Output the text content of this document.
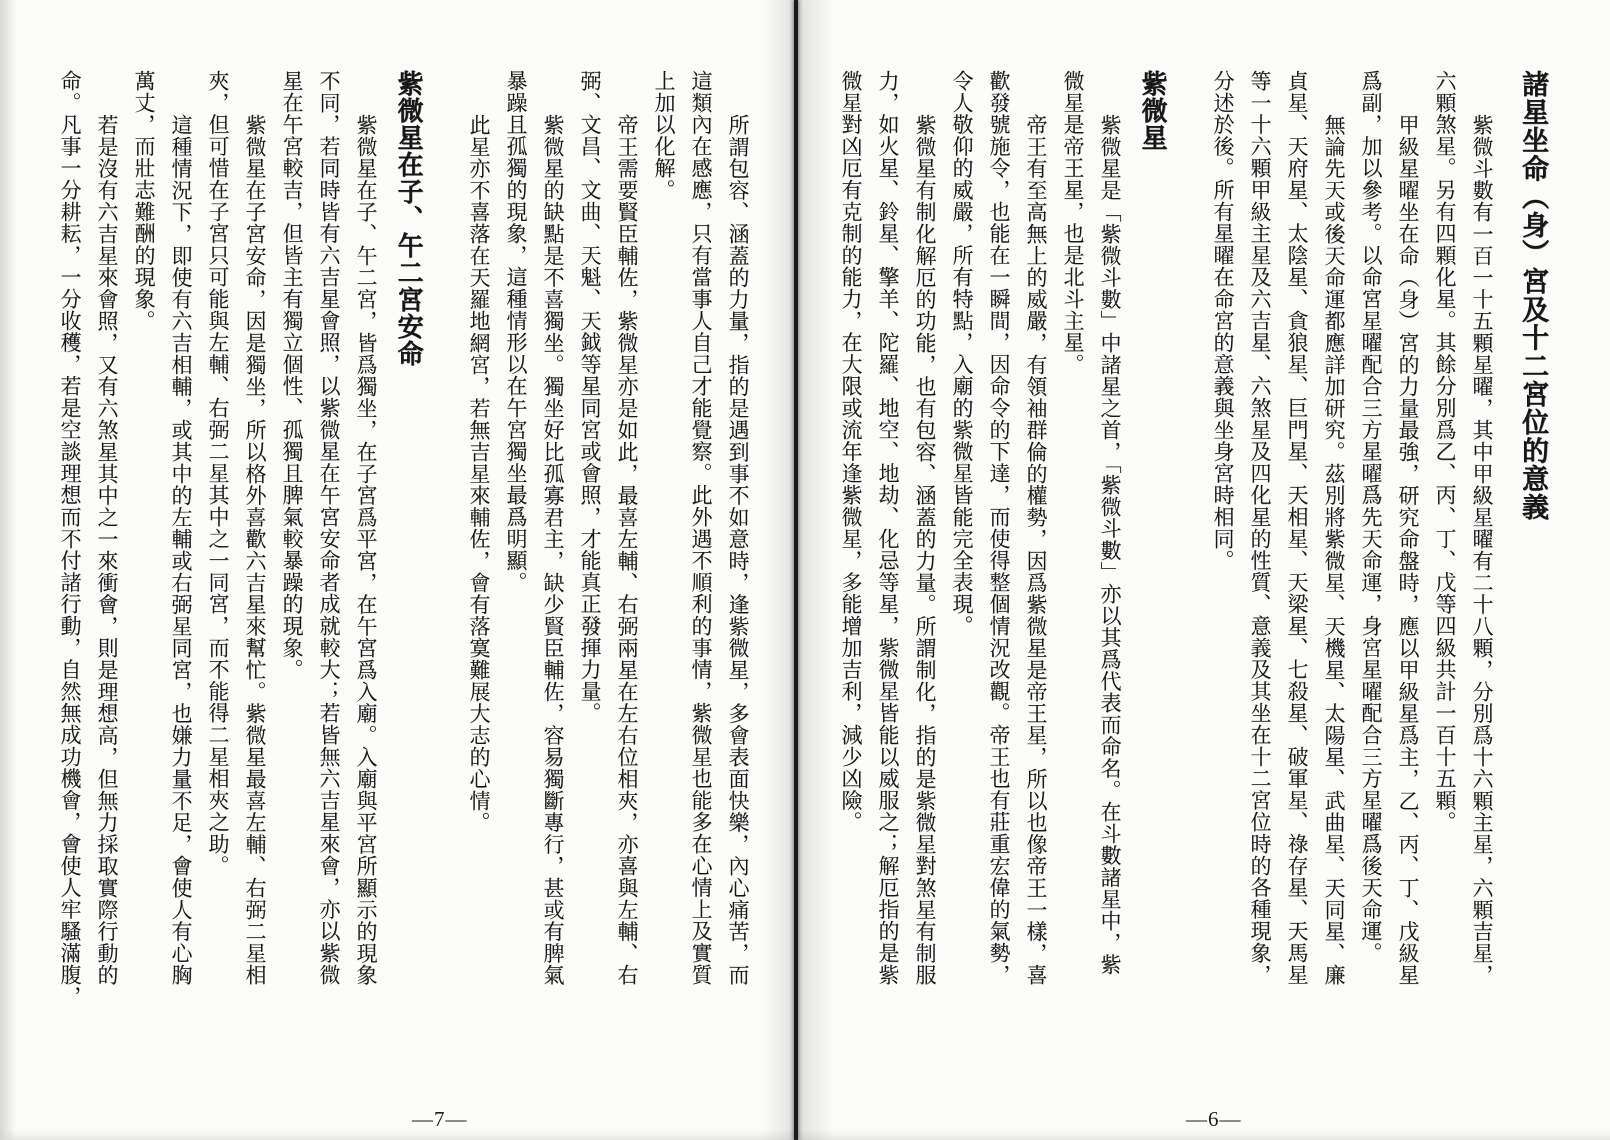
諸星坐命（身）宮及十二宮位的意義
紫微斗數有一百一十五顆星曜，其中甲級星曜有二十八顆，分別爲十六顆主星，六顆吉星，
六顆煞星。另有四顆化星。其餘分別爲乙、丙、丁、戊等四級共計一百十五顆。
甲級星曜坐在命（身）宮的力量最強，研究命盤時，應以甲級星爲主，乙、丙、丁、戊級星
爲副，加以參考。以命宮星曜配合三方星曜爲先天命運，身宮星曜配合三方星曜爲後天命運。
無論先天或後天命運都應詳加研究。茲別將紫微星、天機星、太陽星、武曲星、天同星、廉
貞星、天府星、太陰星、貪狼星、巨門星、天相星、天梁星、七殺星、破軍星、祿存星、天馬星
等一十六顆甲級主星及六吉星、六煞星及四化星的性質、意義及其坐在十二宮位時的各種現象，
分述於後。所有星曜在命宮的意義與坐身宮時相同。
紫微星
紫微星是「紫微斗數」中諸星之首，「紫微斗數」亦以其爲代表而命名。在斗數諸星中，紫
微星是帝王星，也是北斗主星。
帝王有至高無上的威嚴，有領袖群倫的權勢，因爲紫微星是帝王星，所以也像帝王一樣，喜
歡發號施令，也能在一瞬間，因命令的下達，而使得整個情況改觀。帝王也有莊重宏偉的氣勢，
令人敬仰的威嚴，所有特點，入廟的紫微星皆能完全表現。
紫微星有制化解厄的功能，也有包容、涵蓋的力量。所謂制化，指的是紫微星對煞星有制服
力，如火星、鈴星、擎羊、陀羅、地空、地劫、化忌等星，紫微星皆能以威服之；解厄指的是紫
微星對凶厄有克制的能力，在大限或流年逢紫微星，多能增加吉利，減少凶險。
—6—
所謂包容、涵蓋的力量，指的是遇到事不如意時，逢紫微星，多會表面快樂，內心痛苦，而
這類內在感應，只有當事人自己才能覺察。此外遇不順利的事情，紫微星也能多在心情上及實質
上加以化解。
帝王需要賢臣輔佐，紫微星亦是如此，最喜左輔、右弼兩星在左右位相夾，亦喜與左輔、右
弼、文昌、文曲、天魁、天鉞等星同宮或會照，才能真正發揮力量。
紫微星的缺點是不喜獨坐。獨坐好比孤寡君主，缺少賢臣輔佐，容易獨斷專行，甚或有脾氣
暴躁且孤獨的現象，這種情形以在午宮獨坐最爲明顯。
此星亦不喜落在天羅地網宮，若無吉星來輔佐，會有落寞難展大志的心情。
紫微星在子、午二宮安命
紫微星在子、午二宮，皆爲獨坐，在子宮爲平宮，在午宮爲入廟。入廟與平宮所顯示的現象
不同，若同時皆有六吉星會照，以紫微星在午宮安命者成就較大；若皆無六吉星來會，亦以紫微
星在午宮較吉，但皆主有獨立個性、孤獨且脾氣較暴躁的現象。
紫微星在子宮安命，因是獨坐，所以格外喜歡六吉星來幫忙。紫微星最喜左輔、右弼二星相
夾，但可惜在子宮只可能與左輔、右弼二星其中之一同宮，而不能得二星相夾之助。
這種情況下，即使有六吉相輔，或其中的左輔或右弼星同宮，也嫌力量不足，會使人有心胸
萬丈，而壯志難酬的現象。
若是沒有六吉星來會照，又有六煞星其中之一來衝會，則是理想高，但無力採取實際行動的
命。凡事一分耕耘，一分收穫，若是空談理想而不付諸行動，自然無成功機會，會使人牢騷滿腹，
—7—
